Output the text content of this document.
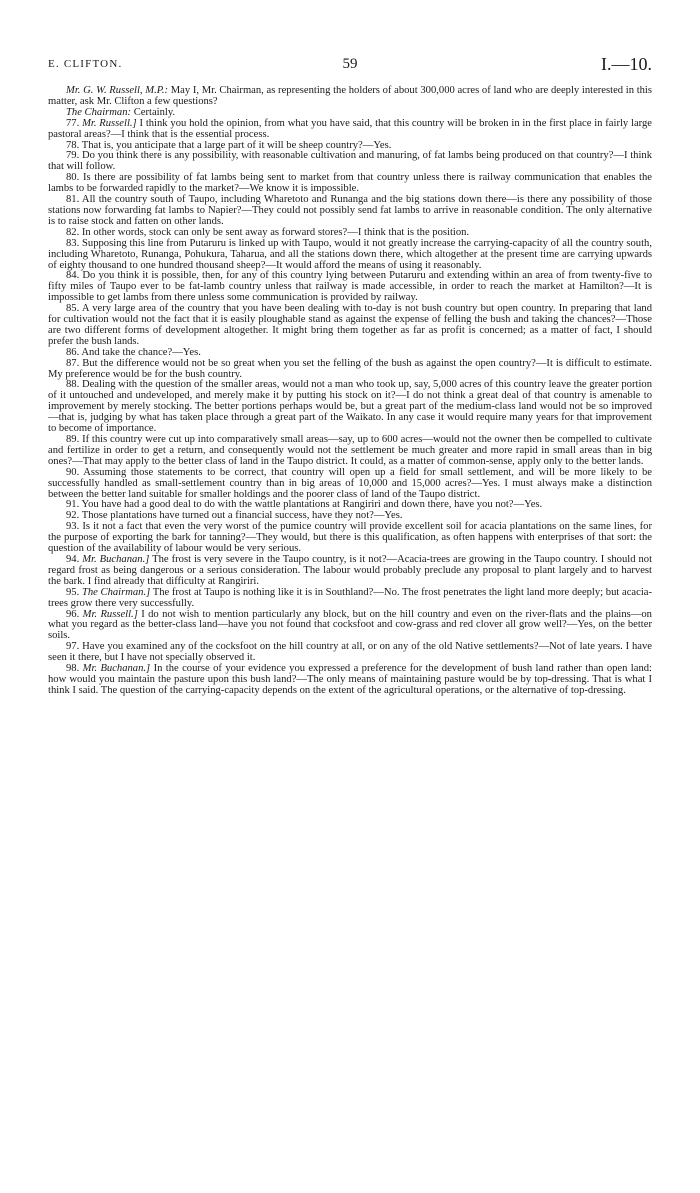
E. CLIFTON.	59	I.—10.

Mr. G. W. Russell, M.P.: May I, Mr. Chairman, as representing the holders of about 300,000 acres of land who are deeply interested in this matter, ask Mr. Clifton a few questions?

The Chairman: Certainly.

77. Mr. Russell.] I think you hold the opinion, from what you have said, that this country will be broken in in the first place in fairly large pastoral areas?—I think that is the essential process.

78. That is, you anticipate that a large part of it will be sheep country?—Yes.

79. Do you think there is any possibility, with reasonable cultivation and manuring, of fat lambs being produced on that country?—I think that will follow.

80. Is there are possibility of fat lambs being sent to market from that country unless there is railway communication that enables the lambs to be forwarded rapidly to the market?—We know it is impossible.

81. All the country south of Taupo, including Wharetoto and Runanga and the big stations down there—is there any possibility of those stations now forwarding fat lambs to Napier?—They could not possibly send fat lambs to arrive in reasonable condition. The only alternative is to raise stock and fatten on other lands.

82. In other words, stock can only be sent away as forward stores?—I think that is the position.

83. Supposing this line from Putaruru is linked up with Taupo, would it not greatly increase the carrying-capacity of all the country south, including Wharetoto, Runanga, Pohukura, Taharua, and all the stations down there, which altogether at the present time are carrying upwards of eighty thousand to one hundred thousand sheep?—It would afford the means of using it reasonably.

84. Do you think it is possible, then, for any of this country lying between Putaruru and extending within an area of from twenty-five to fifty miles of Taupo ever to be fat-lamb country unless that railway is made accessible, in order to reach the market at Hamilton?—It is impossible to get lambs from there unless some communication is provided by railway.

85. A very large area of the country that you have been dealing with to-day is not bush country but open country. In preparing that land for cultivation would not the fact that it is easily ploughable stand as against the expense of felling the bush and taking the chances?—Those are two different forms of development altogether. It might bring them together as far as profit is concerned; as a matter of fact, I should prefer the bush lands.

86. And take the chance?—Yes.

87. But the difference would not be so great when you set the felling of the bush as against the open country?—It is difficult to estimate. My preference would be for the bush country.

88. Dealing with the question of the smaller areas, would not a man who took up, say, 5,000 acres of this country leave the greater portion of it untouched and undeveloped, and merely make it by putting his stock on it?—I do not think a great deal of that country is amenable to improvement by merely stocking. The better portions perhaps would be, but a great part of the medium-class land would not be so improved—that is, judging by what has taken place through a great part of the Waikato. In any case it would require many years for that improvement to become of importance.

89. If this country were cut up into comparatively small areas—say, up to 600 acres—would not the owner then be compelled to cultivate and fertilize in order to get a return, and consequently would not the settlement be much greater and more rapid in small areas than in big ones?—That may apply to the better class of land in the Taupo district. It could, as a matter of common-sense, apply only to the better lands.

90. Assuming those statements to be correct, that country will open up a field for small settlement, and will be more likely to be successfully handled as small-settlement country than in big areas of 10,000 and 15,000 acres?—Yes. I must always make a distinction between the better land suitable for smaller holdings and the poorer class of land of the Taupo district.

91. You have had a good deal to do with the wattle plantations at Rangiriri and down there, have you not?—Yes.

92. Those plantations have turned out a financial success, have they not?—Yes.

93. Is it not a fact that even the very worst of the pumice country will provide excellent soil for acacia plantations on the same lines, for the purpose of exporting the bark for tanning?—They would, but there is this qualification, as often happens with enterprises of that sort: the question of the availability of labour would be very serious.

94. Mr. Buchanan.] The frost is very severe in the Taupo country, is it not?—Acacia-trees are growing in the Taupo country. I should not regard frost as being dangerous or a serious consideration. The labour would probably preclude any proposal to plant largely and to harvest the bark. I find already that difficulty at Rangiriri.

95. The Chairman.] The frost at Taupo is nothing like it is in Southland?—No. The frost penetrates the light land more deeply; but acacia-trees grow there very successfully.

96. Mr. Russell.] I do not wish to mention particularly any block, but on the hill country and even on the river-flats and the plains—on what you regard as the better-class land—have you not found that cocksfoot and cow-grass and red clover all grow well?—Yes, on the better soils.

97. Have you examined any of the cocksfoot on the hill country at all, or on any of the old Native settlements?—Not of late years. I have seen it there, but I have not specially observed it.

98. Mr. Buchanan.] In the course of your evidence you expressed a preference for the development of bush land rather than open land: how would you maintain the pasture upon this bush land?—The only means of maintaining pasture would be by top-dressing. That is what I think I said. The question of the carrying-capacity depends on the extent of the agricultural operations, or the alternative of top-dressing.
